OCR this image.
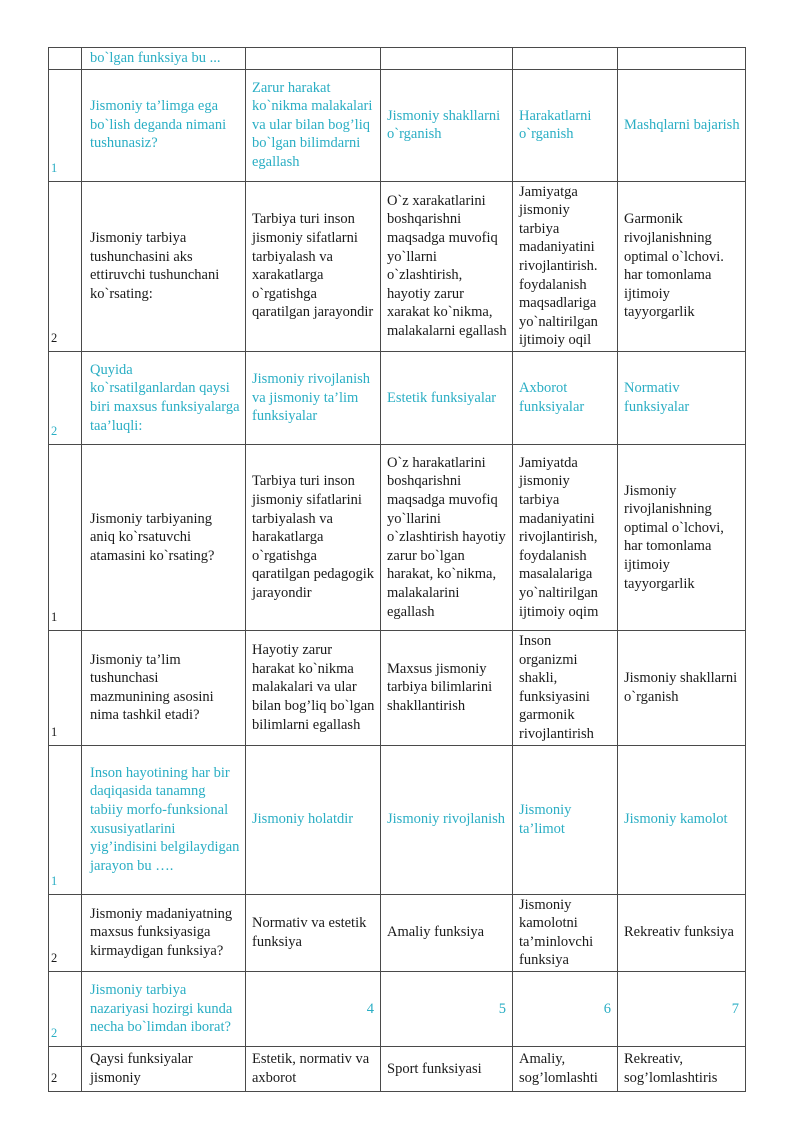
	bo`lgan funksiya bu ...				
1	Jismoniy ta’limga ega bo`lish deganda nimani tushunasiz?	Zarur harakat ko`nikma malakalari va ular bilan bog’liq bo`lgan bilimdarni egallash	Jismoniy shakllarni o`rganish	Harakatlarni o`rganish	Mashqlarni bajarish
2	Jismoniy tarbiya tushunchasini aks ettiruvchi tushunchani ko`rsating:	Tarbiya turi inson jismoniy sifatlarni tarbiyalash va xarakatlarga o`rgatishga qaratilgan jarayondir	O`z xarakatlarini boshqarishni maqsadga muvofiq yo`llarni o`zlashtirish, hayotiy zarur xarakat ko`nikma, malakalarni egallash	Jamiyatga jismoniy tarbiya madaniyatini rivojlantirish. foydalanish maqsadlariga yo`naltirilgan ijtimoiy oqil	Garmonik rivojlanishning optimal o`lchovi. har tomonlama ijtimoiy tayyorgarlik
2	Quyida ko`rsatilganlardan qaysi biri maxsus funksiyalarga taa’luqli:	Jismoniy rivojlanish va jismoniy ta’lim funksiyalar	Estetik funksiyalar	Axborot funksiyalar	Normativ funksiyalar
1	Jismoniy tarbiyaning aniq ko`rsatuvchi atamasini ko`rsating?	Tarbiya turi inson jismoniy sifatlarini tarbiyalash va harakatlarga o`rgatishga qaratilgan pedagogik jarayondir	O`z harakatlarini boshqarishni maqsadga muvofiq yo`llarini o`zlashtirish hayotiy zarur bo`lgan harakat, ko`nikma, malakalarini egallash	Jamiyatda jismoniy tarbiya madaniyatini rivojlantirish, foydalanish masalalariga yo`naltirilgan ijtimoiy oqim	Jismoniy rivojlanishning optimal o`lchovi, har tomonlama ijtimoiy tayyorgarlik
1	Jismoniy ta’lim tushunchasi mazmunining asosini nima tashkil etadi?	Hayotiy zarur harakat ko`nikma malakalari va ular bilan bog’liq bo`lgan bilimlarni egallash	Maxsus jismoniy tarbiya bilimlarini shakllantirish	Inson organizmi shakli, funksiyasini garmonik rivojlantirish	Jismoniy shakllarni o`rganish
1	Inson hayotining har bir daqiqasida tanamng tabiiy morfo-funksional xususiyatlarini yig’indisini belgilaydigan jarayon bu ….	Jismoniy holatdir	Jismoniy rivojlanish	Jismoniy ta’limot	Jismoniy kamolot
2	Jismoniy madaniyatning maxsus funksiyasiga kirmaydigan funksiya?	Normativ va estetik funksiya	Amaliy funksiya	Jismoniy kamolotni ta’minlovchi funksiya	Rekreativ funksiya
2	Jismoniy tarbiya nazariyasi hozirgi kunda necha bo`limdan iborat?	4	5	6	7
2	Qaysi funksiyalar jismoniy	Estetik, normativ va axborot	Sport funksiyasi	Amaliy, sog’lomlashti	Rekreativ, sog’lomlashtiris
